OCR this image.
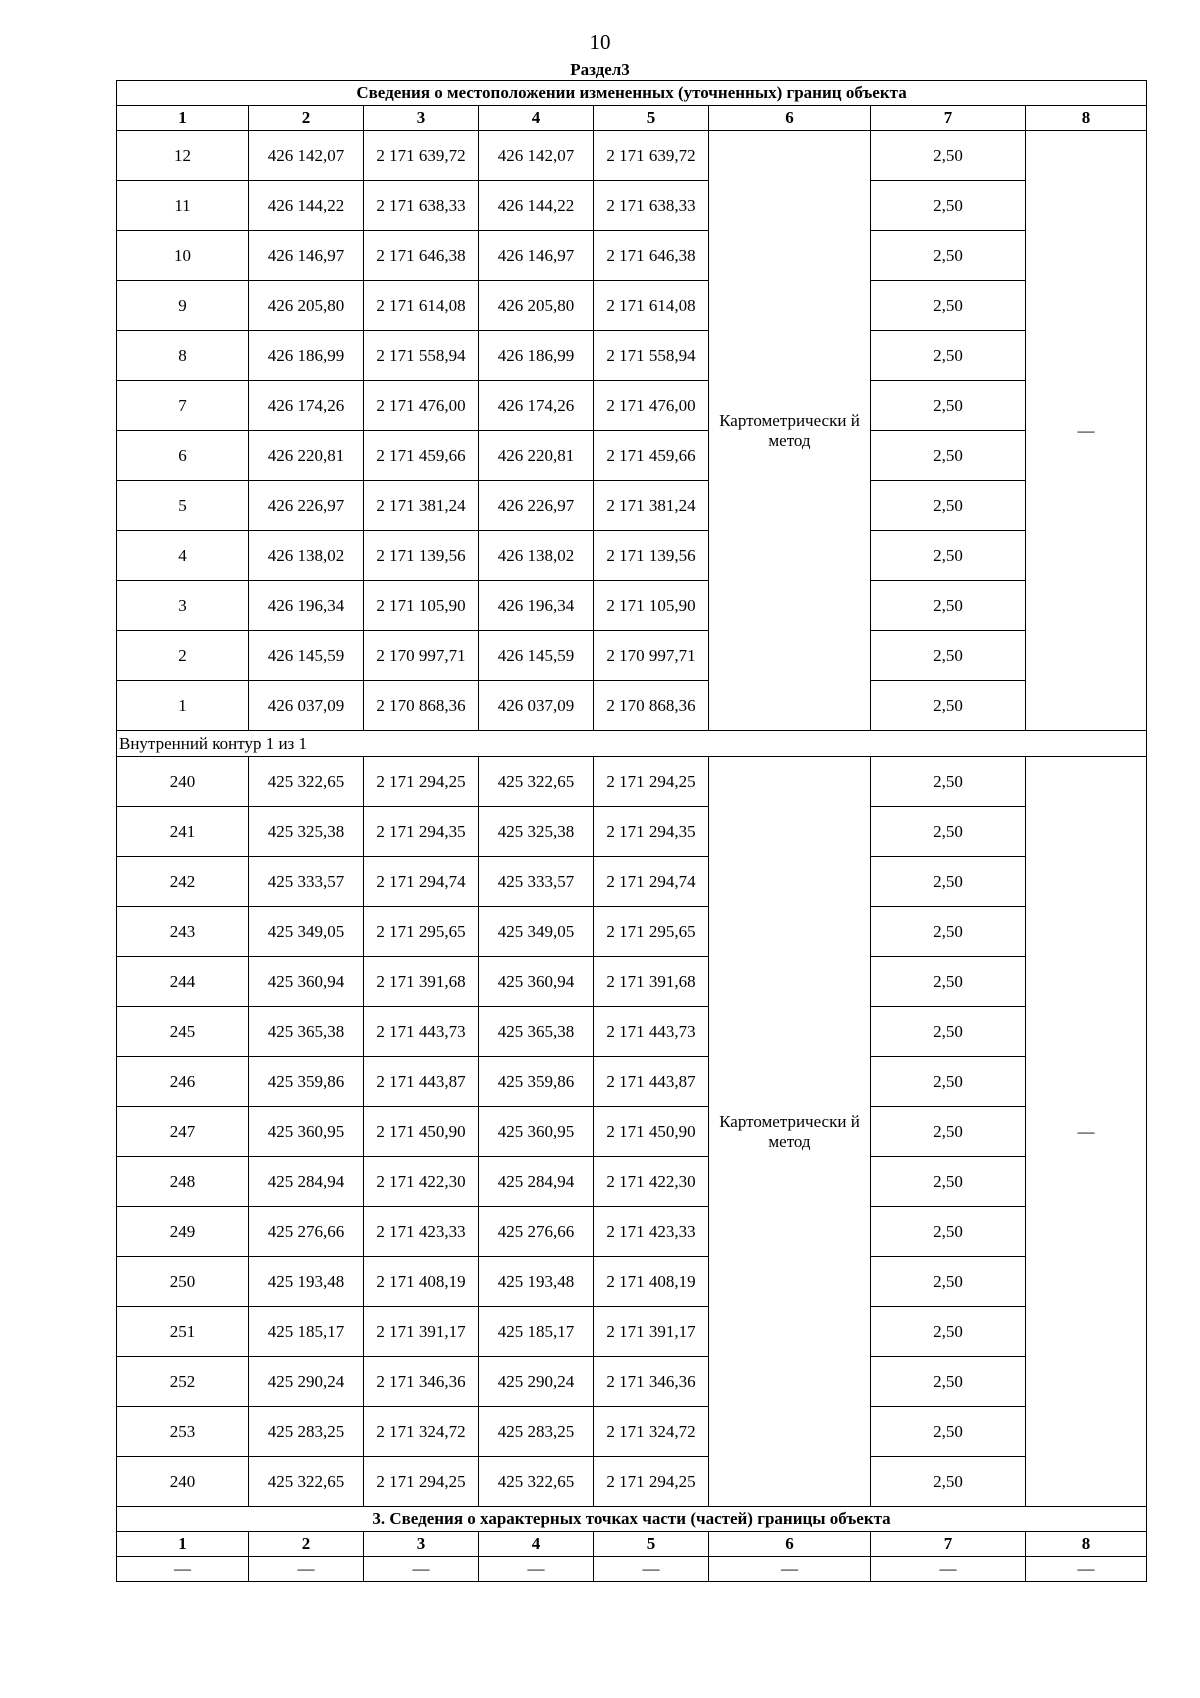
10
Раздел3
Сведения о местоположении измененных (уточненных) границ объекта							
1	2	3	4	5	6	7	8
12	426 142,07	2 171 639,72	426 142,07	2 171 639,72	Картометрически й метод	2,50	—
11	426 144,22	2 171 638,33	426 144,22	2 171 638,33		2,50	
10	426 146,97	2 171 646,38	426 146,97	2 171 646,38		2,50	
9	426 205,80	2 171 614,08	426 205,80	2 171 614,08		2,50	
8	426 186,99	2 171 558,94	426 186,99	2 171 558,94		2,50	
7	426 174,26	2 171 476,00	426 174,26	2 171 476,00		2,50	
6	426 220,81	2 171 459,66	426 220,81	2 171 459,66		2,50	
5	426 226,97	2 171 381,24	426 226,97	2 171 381,24		2,50	
4	426 138,02	2 171 139,56	426 138,02	2 171 139,56		2,50	
3	426 196,34	2 171 105,90	426 196,34	2 171 105,90		2,50	
2	426 145,59	2 170 997,71	426 145,59	2 170 997,71		2,50	
1	426 037,09	2 170 868,36	426 037,09	2 170 868,36		2,50	
Внутренний контур 1 из 1							
240	425 322,65	2 171 294,25	425 322,65	2 171 294,25	Картометрически й метод	2,50	—
241	425 325,38	2 171 294,35	425 325,38	2 171 294,35		2,50	
242	425 333,57	2 171 294,74	425 333,57	2 171 294,74		2,50	
243	425 349,05	2 171 295,65	425 349,05	2 171 295,65		2,50	
244	425 360,94	2 171 391,68	425 360,94	2 171 391,68		2,50	
245	425 365,38	2 171 443,73	425 365,38	2 171 443,73		2,50	
246	425 359,86	2 171 443,87	425 359,86	2 171 443,87		2,50	
247	425 360,95	2 171 450,90	425 360,95	2 171 450,90		2,50	
248	425 284,94	2 171 422,30	425 284,94	2 171 422,30		2,50	
249	425 276,66	2 171 423,33	425 276,66	2 171 423,33		2,50	
250	425 193,48	2 171 408,19	425 193,48	2 171 408,19		2,50	
251	425 185,17	2 171 391,17	425 185,17	2 171 391,17		2,50	
252	425 290,24	2 171 346,36	425 290,24	2 171 346,36		2,50	
253	425 283,25	2 171 324,72	425 283,25	2 171 324,72		2,50	
240	425 322,65	2 171 294,25	425 322,65	2 171 294,25		2,50	
3. Сведения о характерных точках части (частей) границы объекта							
1	2	3	4	5	6	7	8
—	—	—	—	—	—	—	—
